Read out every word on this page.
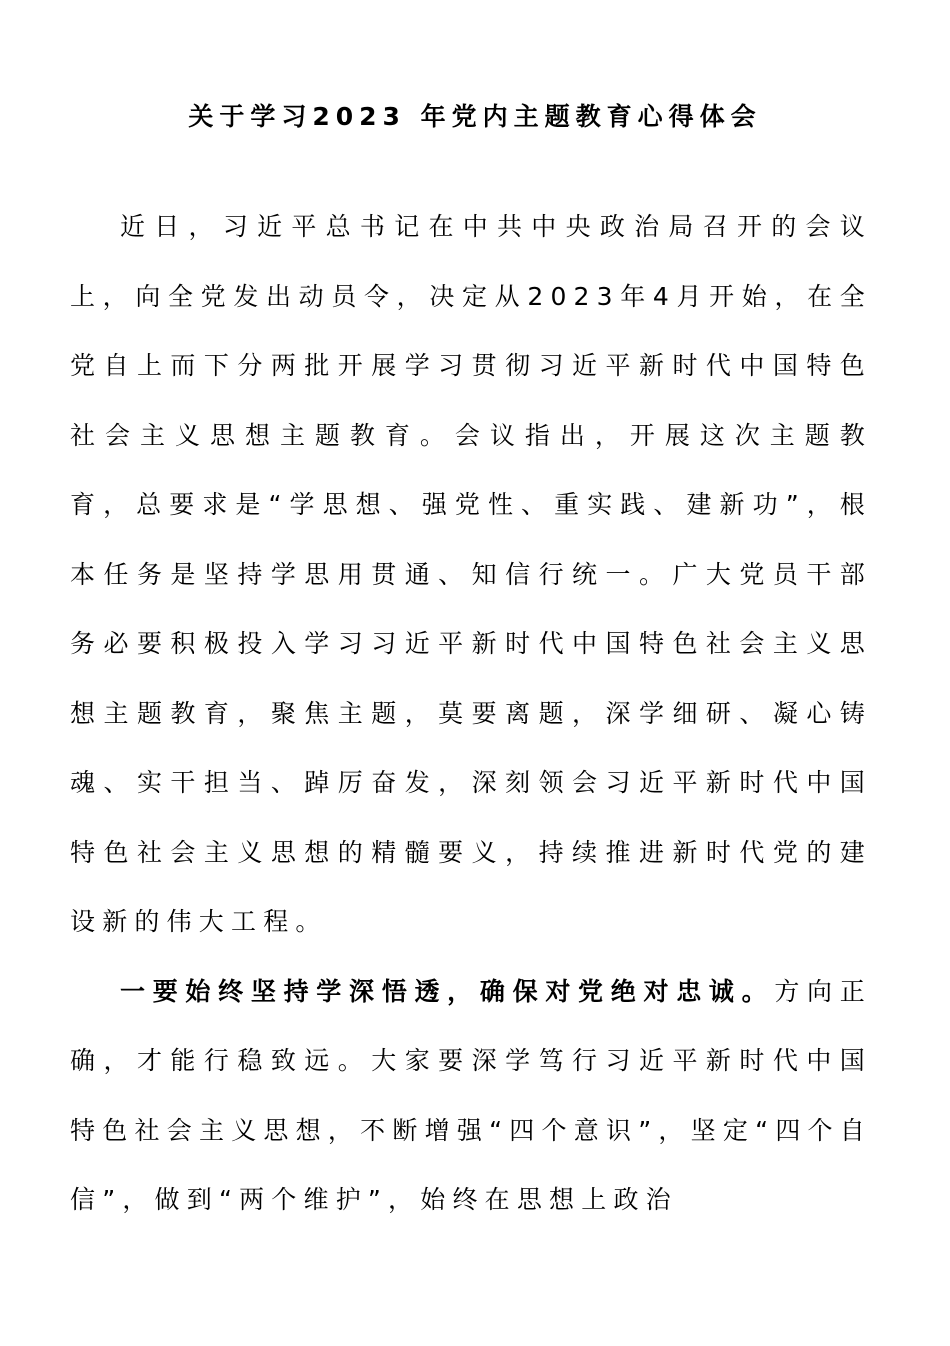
关于学习2023 年党内主题教育心得体会

近日，习近平总书记在中共中央政治局召开的会议上，向全党发出动员令，决定从2023年4月开始，在全党自上而下分两批开展学习贯彻习近平新时代中国特色社会主义思想主题教育。会议指出，开展这次主题教育，总要求是“学思想、强党性、重实践、建新功”，根本任务是坚持学思用贯通、知信行统一。广大党员干部务必要积极投入学习习近平新时代中国特色社会主义思想主题教育，聚焦主题，莫要离题，深学细研、凝心铸魂、实干担当、踔厉奋发，深刻领会习近平新时代中国特色社会主义思想的精髓要义，持续推进新时代党的建设新的伟大工程。

一要始终坚持学深悟透，确保对党绝对忠诚。方向正确，才能行稳致远。大家要深学笃行习近平新时代中国特色社会主义思想，不断增强“四个意识”，坚定“四个自信”，做到“两个维护”，始终在思想上政治
